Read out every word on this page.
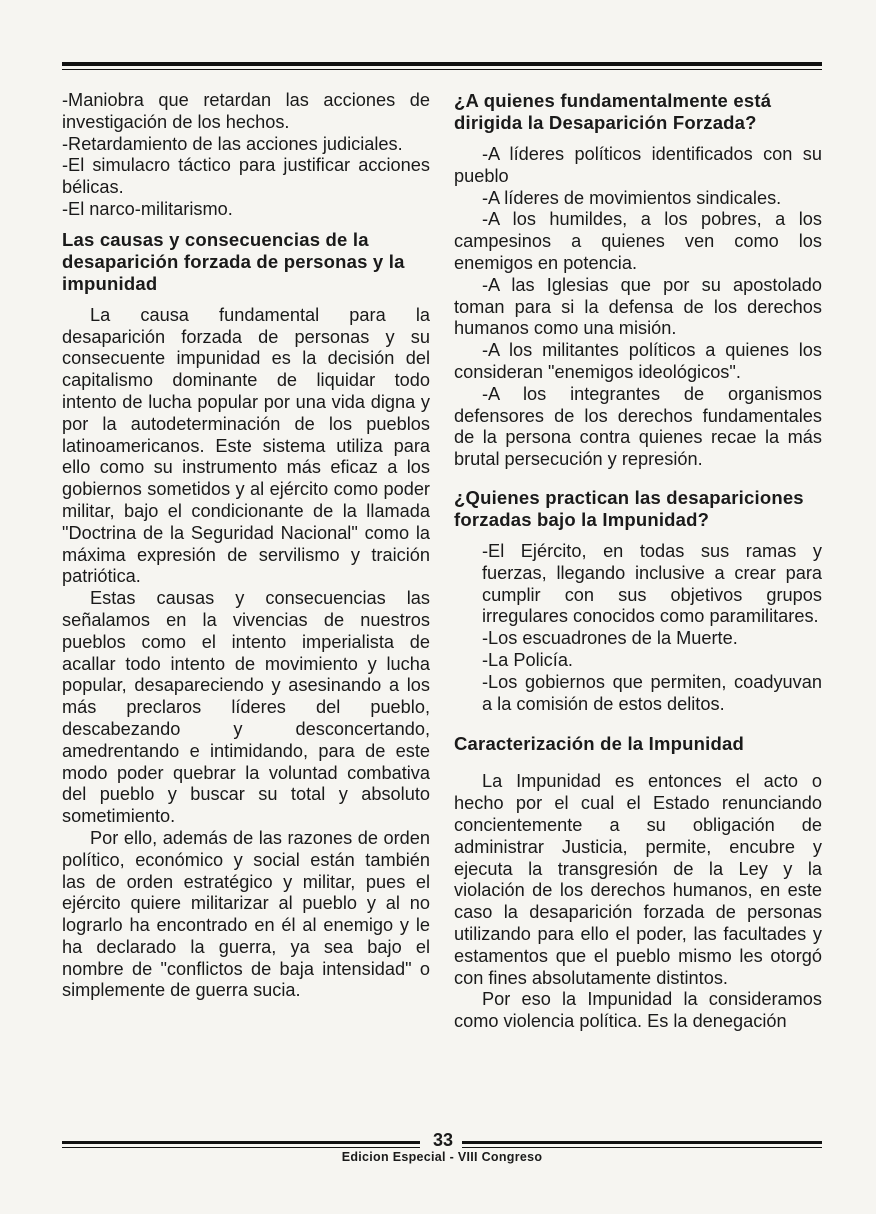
-Maniobra que retardan las acciones de investigación de los hechos.

-Retardamiento de las acciones judiciales.

-El simulacro táctico para justificar acciones bélicas.

-El narco-militarismo.

Las causas y consecuencias de la desaparición forzada de personas y la impunidad

La causa fundamental para la desaparición forzada de personas y su consecuente impunidad es la decisión del capitalismo dominante de liquidar todo intento de lucha popular por una vida digna y por la autodeterminación de los pueblos latinoamericanos. Este sistema utiliza para ello como su instrumento más eficaz a los gobiernos sometidos y al ejército como poder militar, bajo el condicionante de la llamada "Doctrina de la Seguridad Nacional" como la máxima expresión de servilismo y traición patriótica.

Estas causas y consecuencias las señalamos en la vivencias de nuestros pueblos como el intento imperialista de acallar todo intento de movimiento y lucha popular, desapareciendo y asesinando a los más preclaros líderes del pueblo, descabezando y desconcertando, amedrentando e intimidando, para de este modo poder quebrar la voluntad combativa del pueblo y buscar su total y absoluto sometimiento.

Por ello, además de las razones de orden político, económico y social están también las de orden estratégico y militar, pues el ejército quiere militarizar al pueblo y al no lograrlo ha encontrado en él al enemigo y le ha declarado la guerra, ya sea bajo el nombre de "conflictos de baja intensidad" o simplemente de guerra sucia.

¿A quienes fundamentalmente está dirigida la Desaparición Forzada?

-A líderes políticos identificados con su pueblo

-A líderes de movimientos sindicales.

-A los humildes, a los pobres, a los campesinos a quienes ven como los enemigos en potencia.

-A las Iglesias que por su apostolado toman para si la defensa de los derechos humanos como una misión.

-A los militantes políticos a quienes los consideran "enemigos ideológicos".

-A los integrantes de organismos defensores de los derechos fundamentales de la persona contra quienes recae la más brutal persecución y represión.

¿Quienes practican las desapariciones forzadas bajo la Impunidad?

-El Ejército, en todas sus ramas y fuerzas, llegando inclusive a crear para cumplir con sus objetivos grupos irregulares conocidos como paramilitares.

-Los escuadrones de la Muerte.

-La Policía.

-Los gobiernos que permiten, coadyuvan a la comisión de estos delitos.

Caracterización de la Impunidad

La Impunidad es entonces el acto o hecho por el cual el Estado renunciando concientemente a su obligación de administrar Justicia, permite, encubre y ejecuta la transgresión de la Ley y la violación de los derechos humanos, en este caso la desaparición forzada de personas utilizando para ello el poder, las facultades y estamentos que el pueblo mismo les otorgó con fines absolutamente distintos.

Por eso la Impunidad la consideramos como violencia política. Es la denegación

33
Edicion Especial - VIII Congreso
